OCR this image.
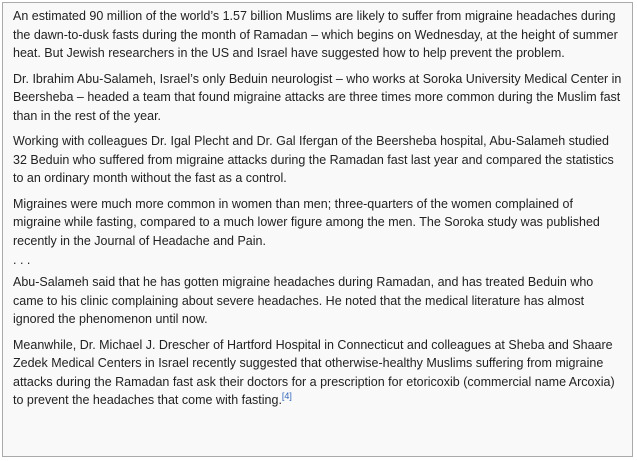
An estimated 90 million of the world’s 1.57 billion Muslims are likely to suffer from migraine headaches during the dawn-to-dusk fasts during the month of Ramadan – which begins on Wednesday, at the height of summer heat. But Jewish researchers in the US and Israel have suggested how to help prevent the problem.

Dr. Ibrahim Abu-Salameh, Israel’s only Beduin neurologist – who works at Soroka University Medical Center in Beersheba – headed a team that found migraine attacks are three times more common during the Muslim fast than in the rest of the year.

Working with colleagues Dr. Igal Plecht and Dr. Gal Ifergan of the Beersheba hospital, Abu-Salameh studied 32 Beduin who suffered from migraine attacks during the Ramadan fast last year and compared the statistics to an ordinary month without the fast as a control.

Migraines were much more common in women than men; three-quarters of the women complained of migraine while fasting, compared to a much lower figure among the men. The Soroka study was published recently in the Journal of Headache and Pain.

. . .

Abu-Salameh said that he has gotten migraine headaches during Ramadan, and has treated Beduin who came to his clinic complaining about severe headaches. He noted that the medical literature has almost ignored the phenomenon until now.

Meanwhile, Dr. Michael J. Drescher of Hartford Hospital in Connecticut and colleagues at Sheba and Shaare Zedek Medical Centers in Israel recently suggested that otherwise-healthy Muslims suffering from migraine attacks during the Ramadan fast ask their doctors for a prescription for etoricoxib (commercial name Arcoxia) to prevent the headaches that come with fasting.[4]
